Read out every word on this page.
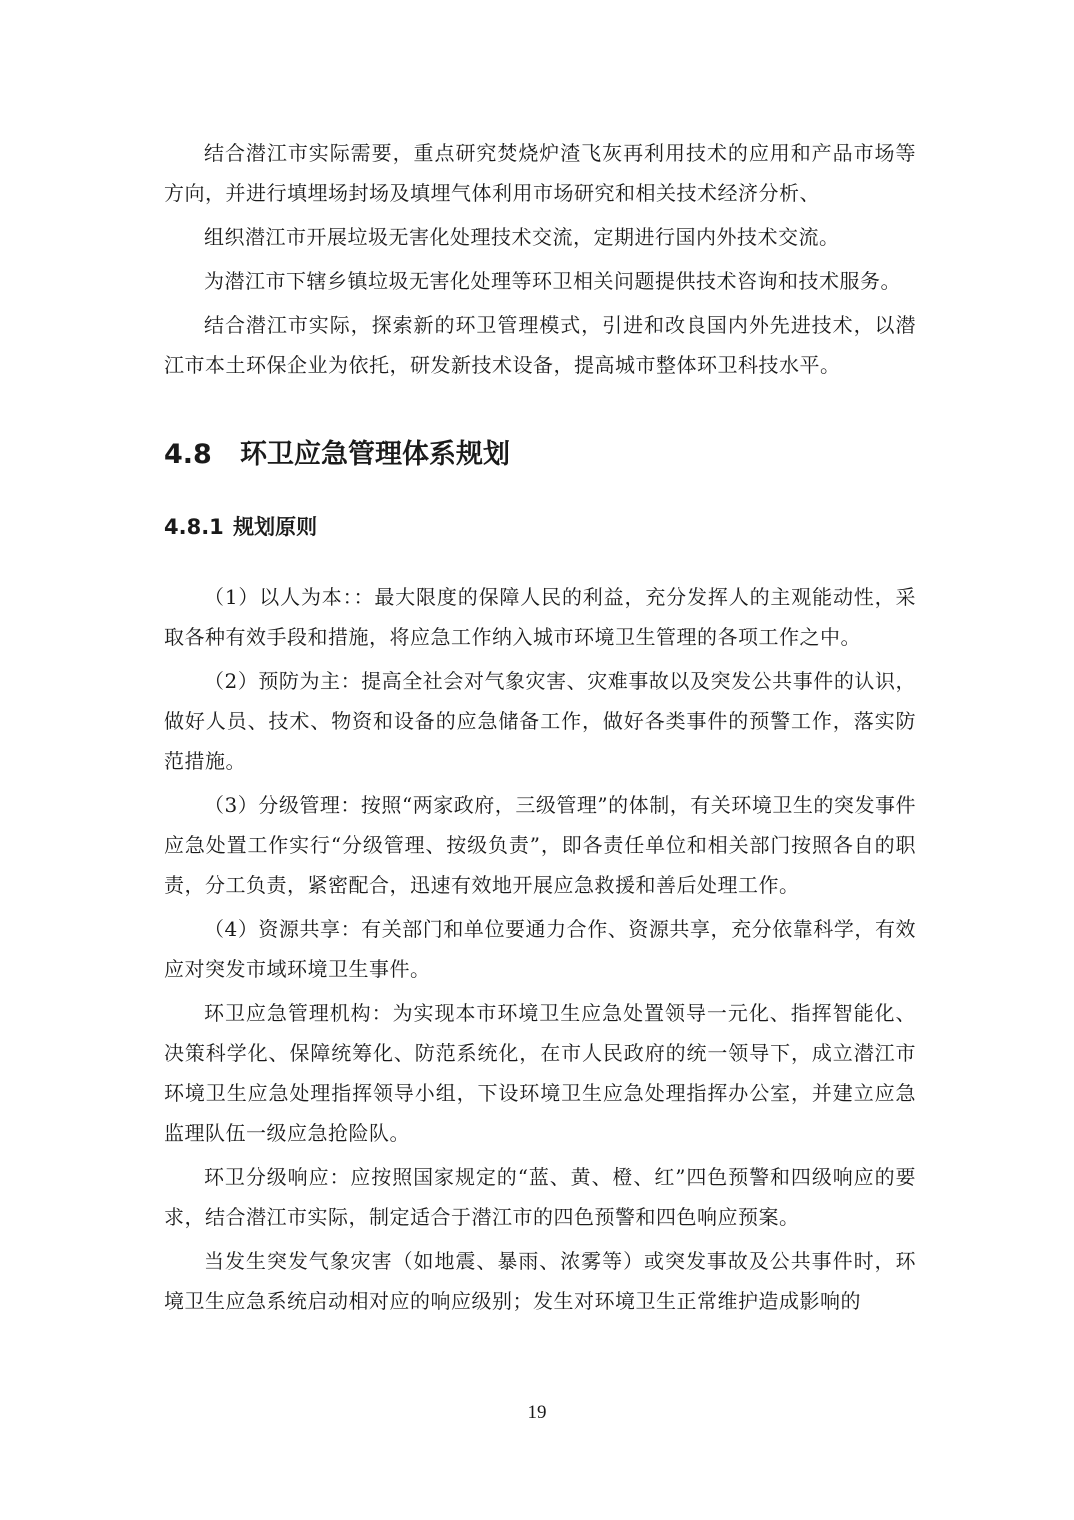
结合潜江市实际需要，重点研究焚烧炉渣飞灰再利用技术的应用和产品市场等方向，并进行填埋场封场及填埋气体利用市场研究和相关技术经济分析、

组织潜江市开展垃圾无害化处理技术交流，定期进行国内外技术交流。

为潜江市下辖乡镇垃圾无害化处理等环卫相关问题提供技术咨询和技术服务。

结合潜江市实际，探索新的环卫管理模式，引进和改良国内外先进技术，以潜江市本土环保企业为依托，研发新技术设备，提高城市整体环卫科技水平。

4.8	环卫应急管理体系规划
4.8.1 规划原则

（1）以人为本：：最大限度的保障人民的利益，充分发挥人的主观能动性，采取各种有效手段和措施，将应急工作纳入城市环境卫生管理的各项工作之中。

（2）预防为主：提高全社会对气象灾害、灾难事故以及突发公共事件的认识，做好人员、技术、物资和设备的应急储备工作，做好各类事件的预警工作，落实防范措施。

（3）分级管理：按照“两家政府，三级管理”的体制，有关环境卫生的突发事件应急处置工作实行“分级管理、按级负责”，即各责任单位和相关部门按照各自的职责，分工负责，紧密配合，迅速有效地开展应急救援和善后处理工作。

（4）资源共享：有关部门和单位要通力合作、资源共享，充分依靠科学，有效应对突发市域环境卫生事件。

环卫应急管理机构：为实现本市环境卫生应急处置领导一元化、指挥智能化、决策科学化、保障统筹化、防范系统化，在市人民政府的统一领导下，成立潜江市环境卫生应急处理指挥领导小组，下设环境卫生应急处理指挥办公室，并建立应急监理队伍一级应急抢险队。

环卫分级响应：应按照国家规定的“蓝、黄、橙、红”四色预警和四级响应的要求，结合潜江市实际，制定适合于潜江市的四色预警和四色响应预案。

当发生突发气象灾害（如地震、暴雨、浓雾等）或突发事故及公共事件时，环境卫生应急系统启动相对应的响应级别；发生对环境卫生正常维护造成影响的

19
